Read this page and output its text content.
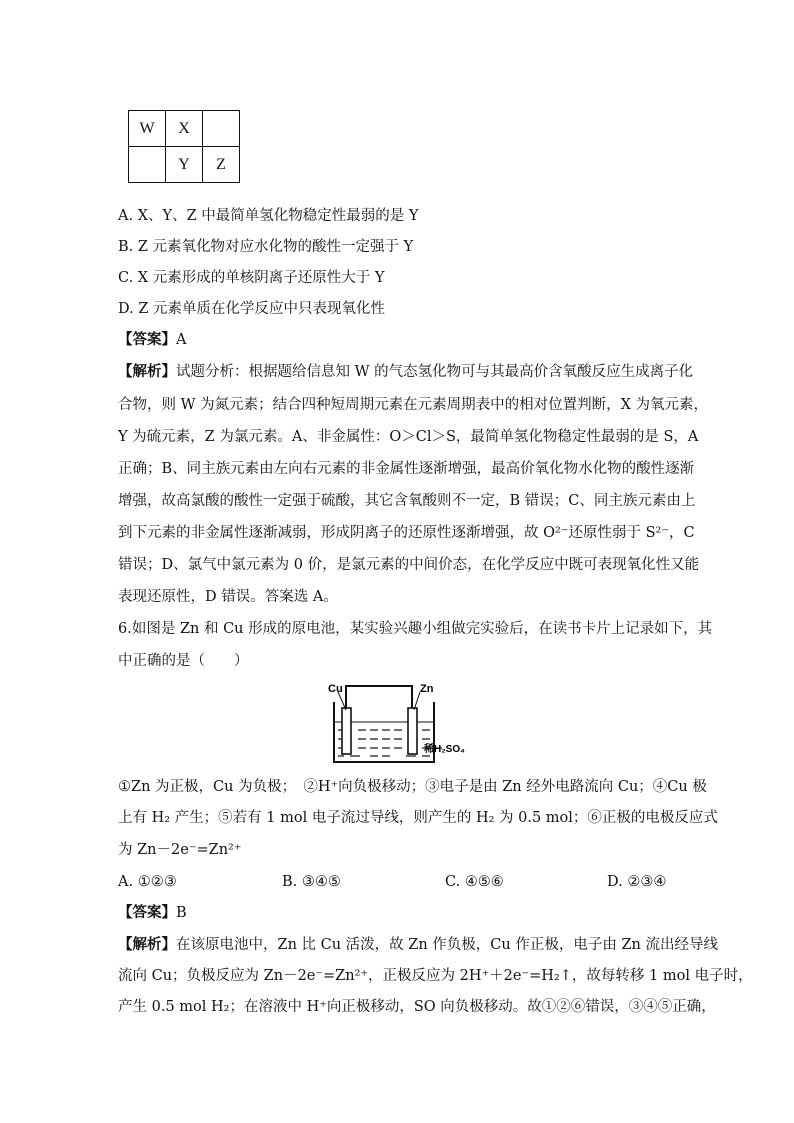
W	X	
	Y	Z
A. X、Y、Z 中最简单氢化物稳定性最弱的是 Y
B. Z 元素氧化物对应水化物的酸性一定强于 Y
C. X 元素形成的单核阴离子还原性大于 Y
D. Z 元素单质在化学反应中只表现氧化性
【答案】A
【解析】试题分析：根据题给信息知 W 的气态氢化物可与其最高价含氧酸反应生成离子化
合物，则 W 为氮元素；结合四种短周期元素在元素周期表中的相对位置判断，X 为氧元素，
Y 为硫元素，Z 为氯元素。A、非金属性：O＞Cl＞S，最简单氢化物稳定性最弱的是 S，A
正确；B、同主族元素由左向右元素的非金属性逐渐增强，最高价氧化物水化物的酸性逐渐
增强，故高氯酸的酸性一定强于硫酸，其它含氧酸则不一定，B 错误；C、同主族元素由上
到下元素的非金属性逐渐减弱，形成阴离子的还原性逐渐增强，故 O²⁻还原性弱于 S²⁻，C
错误；D、氯气中氯元素为 0 价，是氯元素的中间价态，在化学反应中既可表现氧化性又能
表现还原性，D 错误。答案选 A。
6.如图是 Zn 和 Cu 形成的原电池，某实验兴趣小组做完实验后，在读书卡片上记录如下，其
中正确的是（　　）
Cu	Zn
稀H₂SO₄
①Zn 为正极，Cu 为负极；　②H⁺向负极移动；③电子是由 Zn 经外电路流向 Cu；④Cu 极
上有 H₂ 产生；⑤若有 1 mol 电子流过导线，则产生的 H₂ 为 0.5 mol；⑥正极的电极反应式
为 Zn－2e⁻=Zn²⁺
A. ①②③	B. ③④⑤	C. ④⑤⑥	D. ②③④
【答案】B
【解析】在该原电池中，Zn 比 Cu 活泼，故 Zn 作负极，Cu 作正极，电子由 Zn 流出经导线
流向 Cu；负极反应为 Zn－2e⁻=Zn²⁺，正极反应为 2H⁺＋2e⁻=H₂↑，故每转移 1 mol 电子时，
产生 0.5 mol H₂；在溶液中 H⁺向正极移动，SO 向负极移动。故①②⑥错误，③④⑤正确，
